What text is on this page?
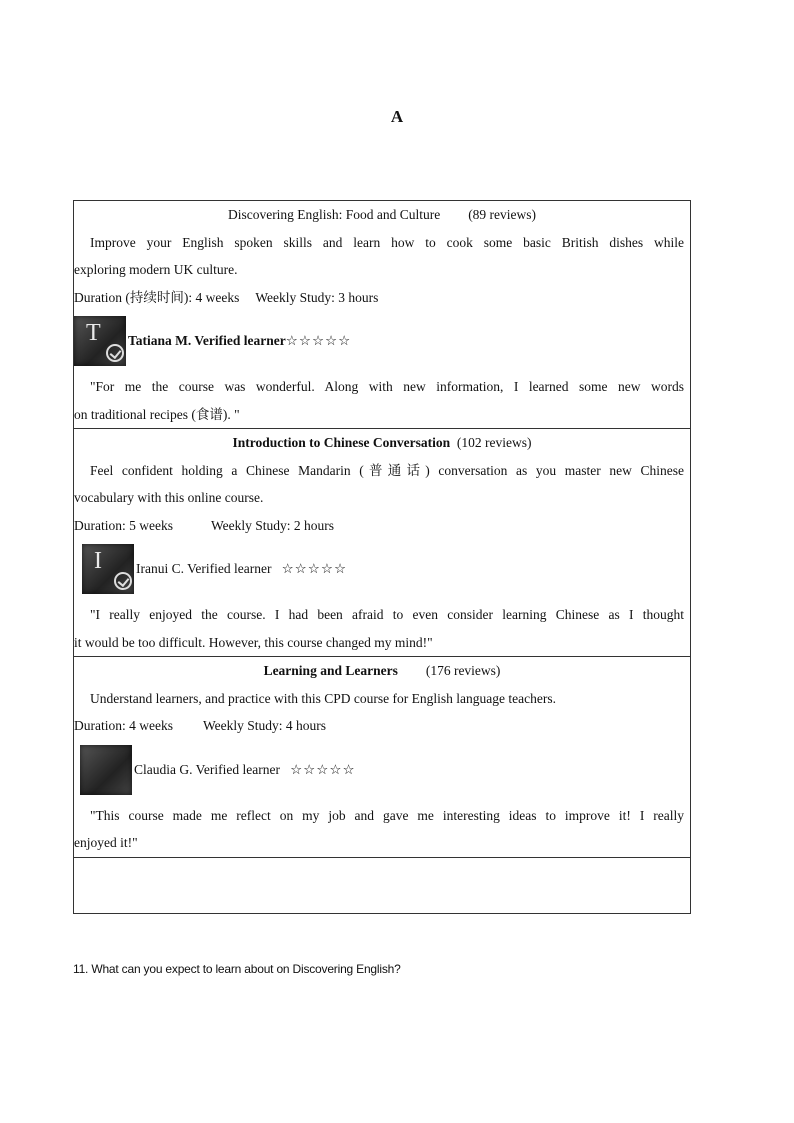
A
Discovering English: Food and Culture (89 reviews)
Improve your English spoken skills and learn how to cook some basic British dishes while
exploring modern UK culture.
Duration (持续时间): 4 weeks Weekly Study: 3 hours
T Tatiana M. Verified learner ☆☆☆☆☆
"For me the course was wonderful. Along with new information, I learned some new words
on traditional recipes (食谱). "
Introduction to Chinese Conversation (102 reviews)
Feel confident holding a Chinese Mandarin (普通话) conversation as you master new Chinese
vocabulary with this online course.
Duration: 5 weeks	Weekly Study: 2 hours
I	Iranui C. Verified learner
☆☆☆☆☆
"I really enjoyed the course. I had been afraid to even consider learning Chinese as I thought
it would be too difficult. However, this course changed my mind!"
Learning and Learners (176 reviews)
Understand learners, and practice with this CPD course for English language teachers.
Duration: 4 weeks Weekly Study: 4 hours
Claudia G. Verified learner
☆☆☆☆☆
"This course made me reflect on my job and gave me interesting ideas to improve it! I really
enjoyed it!"
11. What can you expect to learn about on Discovering English?
